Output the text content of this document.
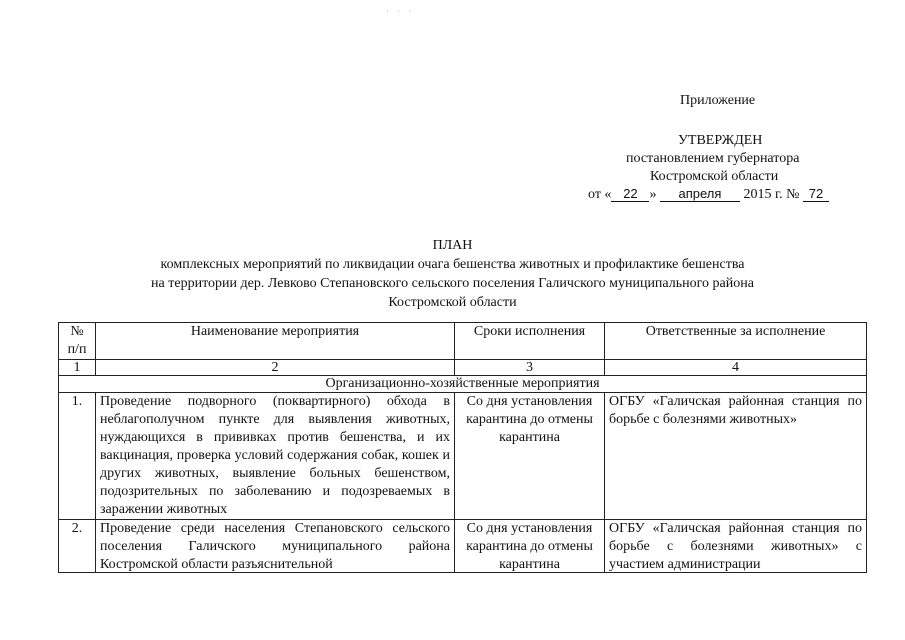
· · ·
Приложение
УТВЕРЖДЕН
постановлением губернатора
Костромской области
от « 22 » апреля 2015 г. № 72
ПЛАН
комплексных мероприятий по ликвидации очага бешенства животных и профилактике бешенства
на территории дер. Левково Степановского сельского поселения Галичского муниципального района
Костромской области
№ п/п	Наименование мероприятия	Сроки исполнения	Ответственные за исполнение
1	2	3	4
Организационно-хозяйственные мероприятия			
1.	Проведение подворного (поквартирного) обхода в неблагополучном пункте для выявления животных, нуждающихся в прививках против бешенства, и их вакцинация, проверка условий содержания собак, кошек и других животных, выявление больных бешенством, подозрительных по заболеванию и подозреваемых в заражении животных	Со дня установления карантина до отмены карантина	ОГБУ «Галичская районная станция по борьбе с болезнями животных»

2.	Проведение среди населения Степановского сельского поселения Галичского муниципального района Костромской области разъяснительной	Со дня установления карантина до отмены карантина	ОГБУ «Галичская районная станция по борьбе с болезнями животных» с участием администрации
